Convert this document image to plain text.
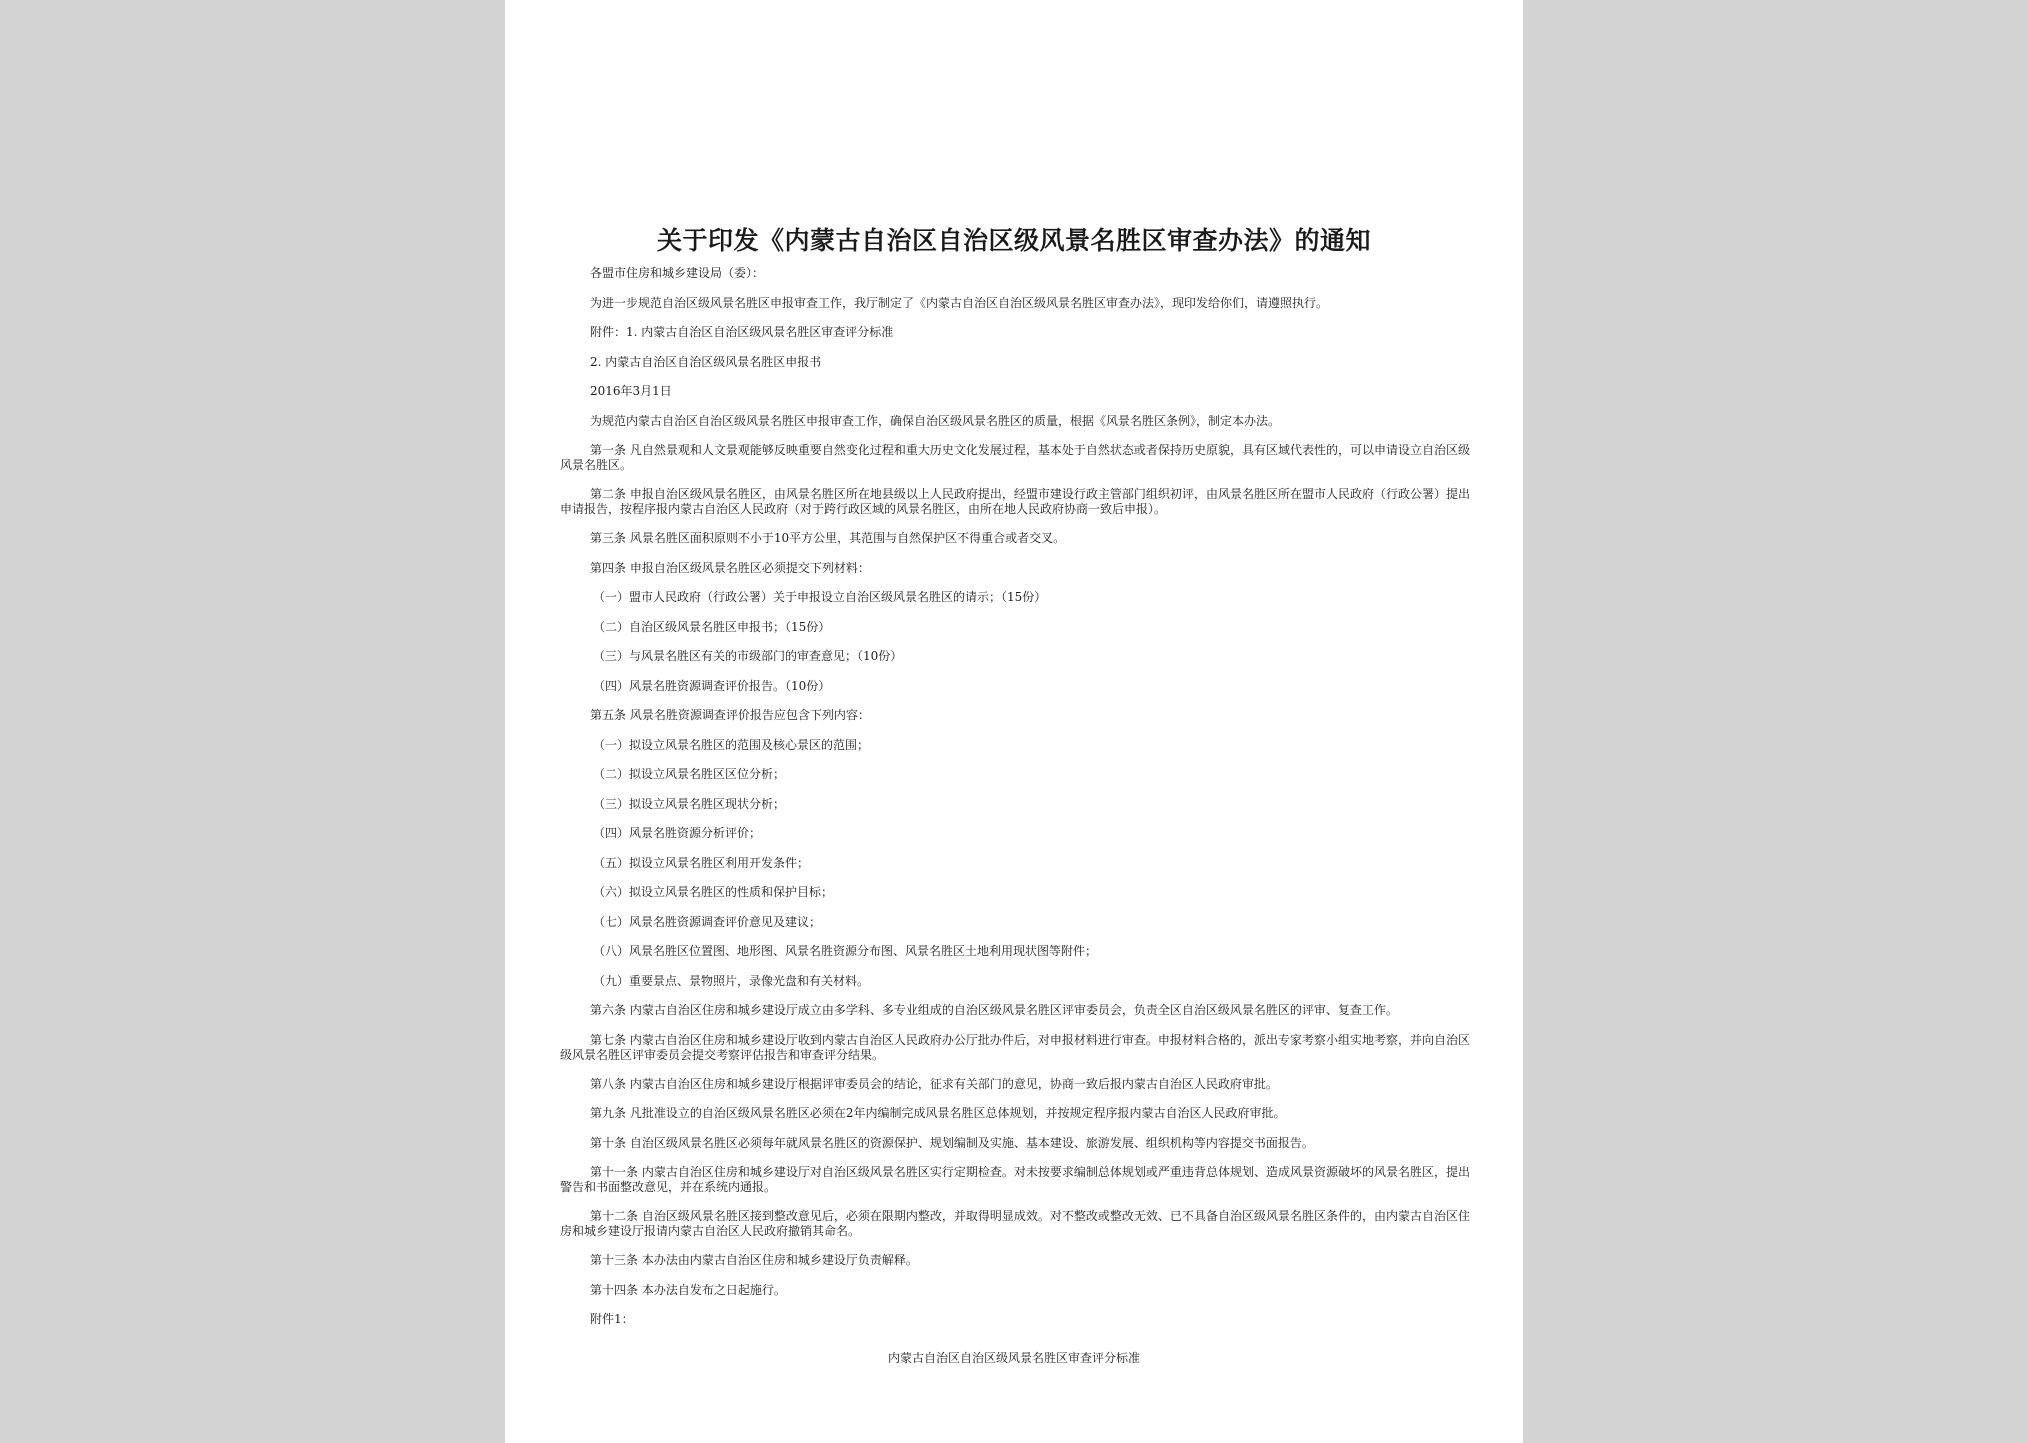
关于印发《内蒙古自治区自治区级风景名胜区审查办法》的通知

各盟市住房和城乡建设局（委）：

为进一步规范自治区级风景名胜区申报审查工作，我厅制定了《内蒙古自治区自治区级风景名胜区审查办法》，现印发给你们，请遵照执行。

附件：1. 内蒙古自治区自治区级风景名胜区审查评分标准

2. 内蒙古自治区自治区级风景名胜区申报书

2016年3月1日

为规范内蒙古自治区自治区级风景名胜区申报审查工作，确保自治区级风景名胜区的质量，根据《风景名胜区条例》，制定本办法。

第一条 凡自然景观和人文景观能够反映重要自然变化过程和重大历史文化发展过程，基本处于自然状态或者保持历史原貌，具有区域代表性的，可以申请设立自治区级风景名胜区。

第二条 申报自治区级风景名胜区，由风景名胜区所在地县级以上人民政府提出，经盟市建设行政主管部门组织初评，由风景名胜区所在盟市人民政府（行政公署）提出申请报告，按程序报内蒙古自治区人民政府（对于跨行政区域的风景名胜区，由所在地人民政府协商一致后申报）。

第三条 风景名胜区面积原则不小于10平方公里，其范围与自然保护区不得重合或者交叉。

第四条 申报自治区级风景名胜区必须提交下列材料：

（一）盟市人民政府（行政公署）关于申报设立自治区级风景名胜区的请示；（15份）

（二）自治区级风景名胜区申报书；（15份）

（三）与风景名胜区有关的市级部门的审查意见；（10份）

（四）风景名胜资源调查评价报告。（10份）

第五条 风景名胜资源调查评价报告应包含下列内容：

（一）拟设立风景名胜区的范围及核心景区的范围；

（二）拟设立风景名胜区区位分析；

（三）拟设立风景名胜区现状分析；

（四）风景名胜资源分析评价；

（五）拟设立风景名胜区利用开发条件；

（六）拟设立风景名胜区的性质和保护目标；

（七）风景名胜资源调查评价意见及建议；

（八）风景名胜区位置图、地形图、风景名胜资源分布图、风景名胜区土地利用现状图等附件；

（九）重要景点、景物照片，录像光盘和有关材料。

第六条 内蒙古自治区住房和城乡建设厅成立由多学科、多专业组成的自治区级风景名胜区评审委员会，负责全区自治区级风景名胜区的评审、复查工作。

第七条 内蒙古自治区住房和城乡建设厅收到内蒙古自治区人民政府办公厅批办件后，对申报材料进行审查。申报材料合格的，派出专家考察小组实地考察，并向自治区级风景名胜区评审委员会提交考察评估报告和审查评分结果。

第八条 内蒙古自治区住房和城乡建设厅根据评审委员会的结论，征求有关部门的意见，协商一致后报内蒙古自治区人民政府审批。

第九条 凡批准设立的自治区级风景名胜区必须在2年内编制完成风景名胜区总体规划，并按规定程序报内蒙古自治区人民政府审批。

第十条 自治区级风景名胜区必须每年就风景名胜区的资源保护、规划编制及实施、基本建设、旅游发展、组织机构等内容提交书面报告。

第十一条 内蒙古自治区住房和城乡建设厅对自治区级风景名胜区实行定期检查。对未按要求编制总体规划或严重违背总体规划、造成风景资源破坏的风景名胜区，提出警告和书面整改意见，并在系统内通报。

第十二条 自治区级风景名胜区接到整改意见后，必须在限期内整改，并取得明显成效。对不整改或整改无效、已不具备自治区级风景名胜区条件的，由内蒙古自治区住房和城乡建设厅报请内蒙古自治区人民政府撤销其命名。

第十三条 本办法由内蒙古自治区住房和城乡建设厅负责解释。

第十四条 本办法自发布之日起施行。

附件1：

内蒙古自治区自治区级风景名胜区审查评分标准
